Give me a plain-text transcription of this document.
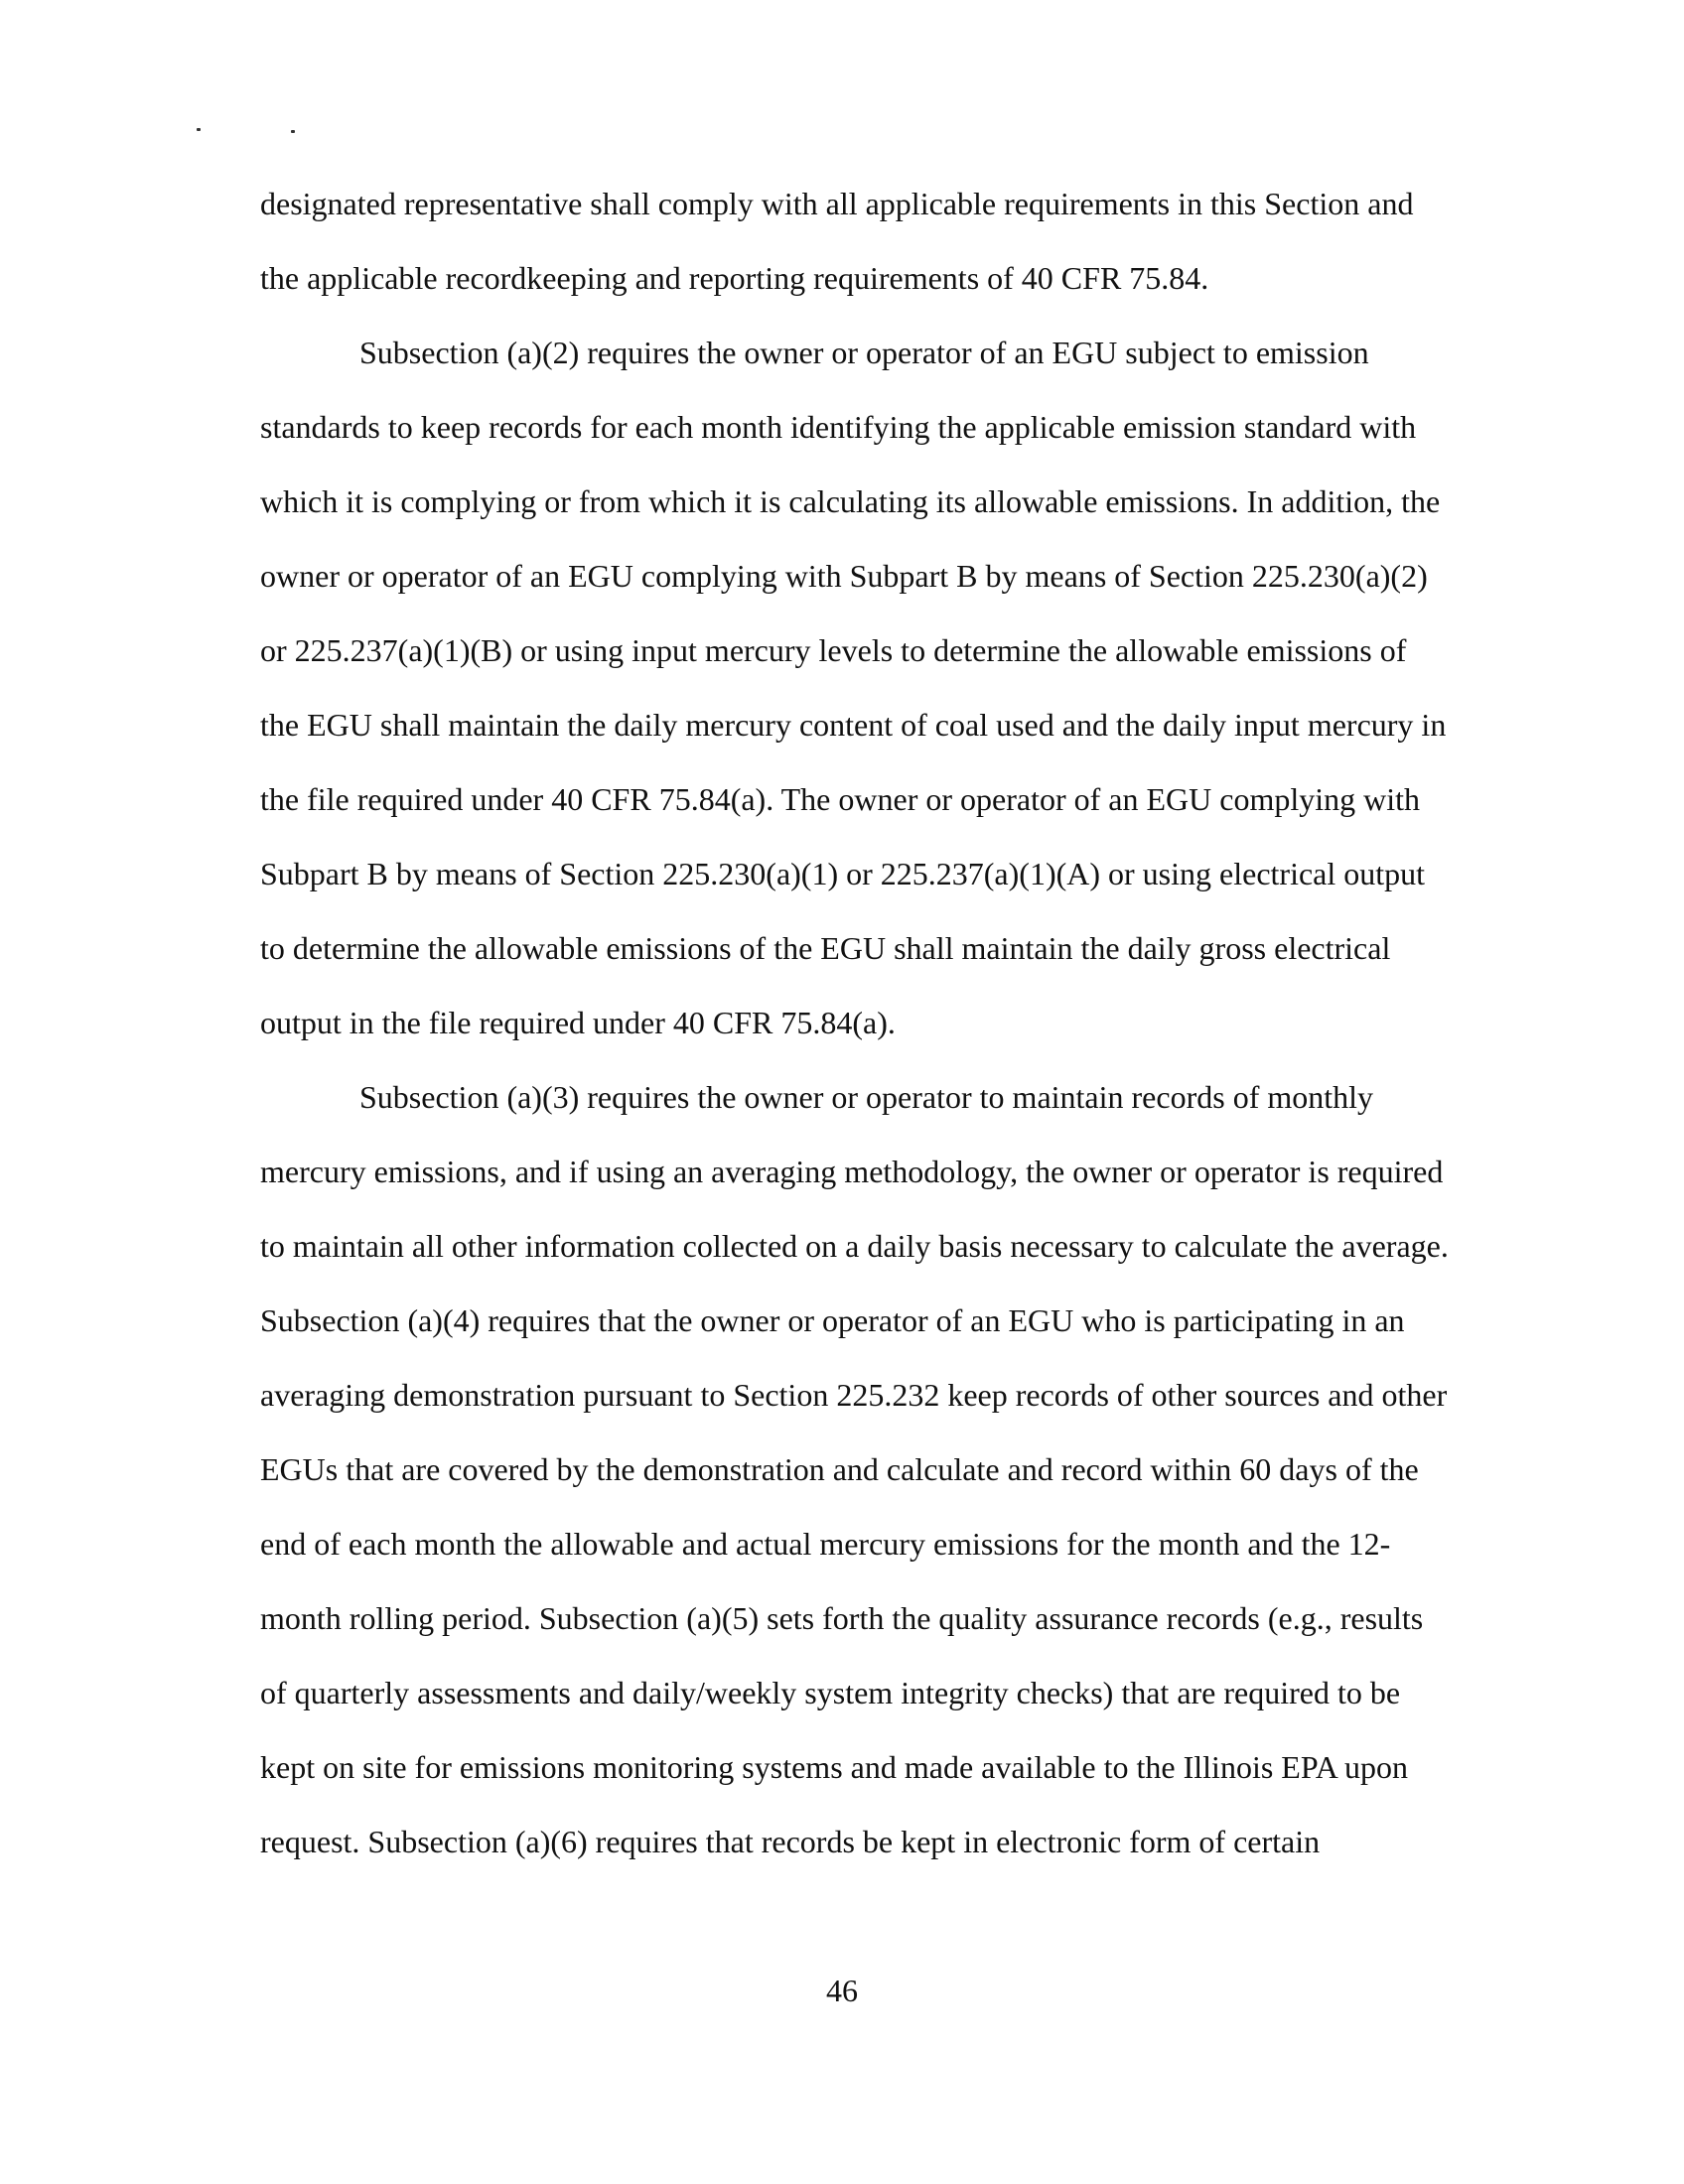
designated representative shall comply with all applicable requirements in this Section and
the applicable recordkeeping and reporting requirements of 40 CFR 75.84.
Subsection (a)(2) requires the owner or operator of an EGU subject to emission
standards to keep records for each month identifying the applicable emission standard with
which it is complying or from which it is calculating its allowable emissions. In addition, the
owner or operator of an EGU complying with Subpart B by means of Section 225.230(a)(2)
or 225.237(a)(1)(B) or using input mercury levels to determine the allowable emissions of
the EGU shall maintain the daily mercury content of coal used and the daily input mercury in
the file required under 40 CFR 75.84(a). The owner or operator of an EGU complying with
Subpart B by means of Section 225.230(a)(1) or 225.237(a)(1)(A) or using electrical output
to determine the allowable emissions of the EGU shall maintain the daily gross electrical
output in the file required under 40 CFR 75.84(a).
Subsection (a)(3) requires the owner or operator to maintain records of monthly
mercury emissions, and if using an averaging methodology, the owner or operator is required
to maintain all other information collected on a daily basis necessary to calculate the average.
Subsection (a)(4) requires that the owner or operator of an EGU who is participating in an
averaging demonstration pursuant to Section 225.232 keep records of other sources and other
EGUs that are covered by the demonstration and calculate and record within 60 days of the
end of each month the allowable and actual mercury emissions for the month and the 12-
month rolling period. Subsection (a)(5) sets forth the quality assurance records (e.g., results
of quarterly assessments and daily/weekly system integrity checks) that are required to be
kept on site for emissions monitoring systems and made available to the Illinois EPA upon
request. Subsection (a)(6) requires that records be kept in electronic form of certain
46
